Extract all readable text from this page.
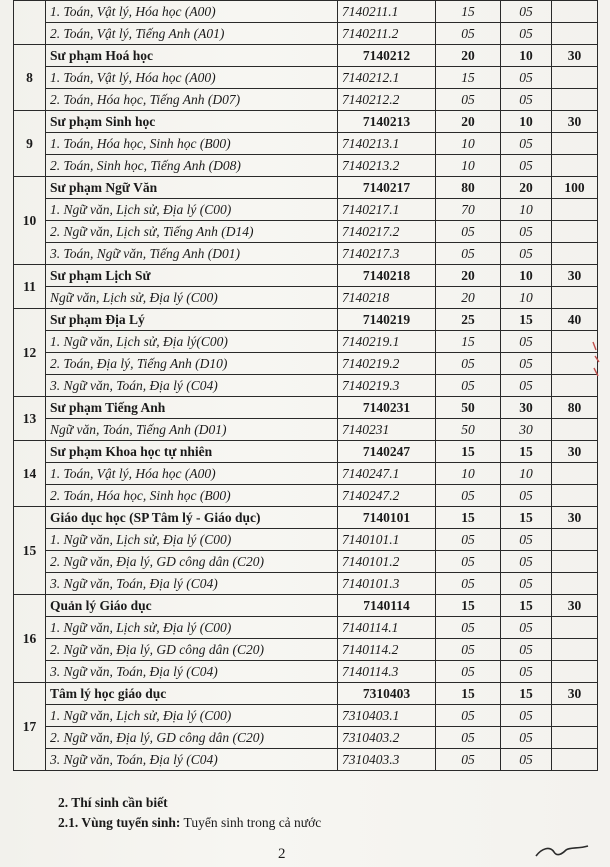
	1. Toán, Vật lý, Hóa học (A00)	7140211.1	15	05	
	2. Toán, Vật lý, Tiếng Anh (A01)	7140211.2	05	05	
8	Sư phạm Hoá học	7140212	20	10	30
	1. Toán, Vật lý, Hóa học (A00)	7140212.1	15	05	
	2. Toán, Hóa học, Tiếng Anh (D07)	7140212.2	05	05	
9	Sư phạm Sinh học	7140213	20	10	30
	1. Toán, Hóa học, Sinh học (B00)	7140213.1	10	05	
	2. Toán, Sinh học, Tiếng Anh (D08)	7140213.2	10	05	
10	Sư phạm Ngữ Văn	7140217	80	20	100
	1. Ngữ văn, Lịch sử, Địa lý (C00)	7140217.1	70	10	
	2. Ngữ văn, Lịch sử, Tiếng Anh (D14)	7140217.2	05	05	
	3. Toán, Ngữ văn, Tiếng Anh (D01)	7140217.3	05	05	
11	Sư phạm Lịch Sử	7140218	20	10	30
	Ngữ văn, Lịch sử, Địa lý (C00)	7140218	20	10	
12	Sư phạm Địa Lý	7140219	25	15	40
	1. Ngữ văn, Lịch sử, Địa lý(C00)	7140219.1	15	05	
	2. Toán, Địa lý, Tiếng Anh (D10)	7140219.2	05	05	
	3. Ngữ văn, Toán, Địa lý (C04)	7140219.3	05	05	
13	Sư phạm Tiếng Anh	7140231	50	30	80
	Ngữ văn, Toán, Tiếng Anh (D01)	7140231	50	30	
14	Sư phạm Khoa học tự nhiên	7140247	15	15	30
	1. Toán, Vật lý, Hóa học (A00)	7140247.1	10	10	
	2. Toán, Hóa học, Sinh học (B00)	7140247.2	05	05	
15	Giáo dục học (SP Tâm lý - Giáo dục)	7140101	15	15	30
	1. Ngữ văn, Lịch sử, Địa lý (C00)	7140101.1	05	05	
	2. Ngữ văn, Địa lý, GD công dân (C20)	7140101.2	05	05	
	3. Ngữ văn, Toán, Địa lý (C04)	7140101.3	05	05	
16	Quản lý Giáo dục	7140114	15	15	30
	1. Ngữ văn, Lịch sử, Địa lý (C00)	7140114.1	05	05	
	2. Ngữ văn, Địa lý, GD công dân (C20)	7140114.2	05	05	
	3. Ngữ văn, Toán, Địa lý (C04)	7140114.3	05	05	
17	Tâm lý học giáo dục	7310403	15	15	30
	1. Ngữ văn, Lịch sử, Địa lý (C00)	7310403.1	05	05	
	2. Ngữ văn, Địa lý, GD công dân (C20)	7310403.2	05	05	
	3. Ngữ văn, Toán, Địa lý (C04)	7310403.3	05	05	
2. Thí sinh cần biết
2.1. Vùng tuyển sinh: Tuyển sinh trong cả nước
2
